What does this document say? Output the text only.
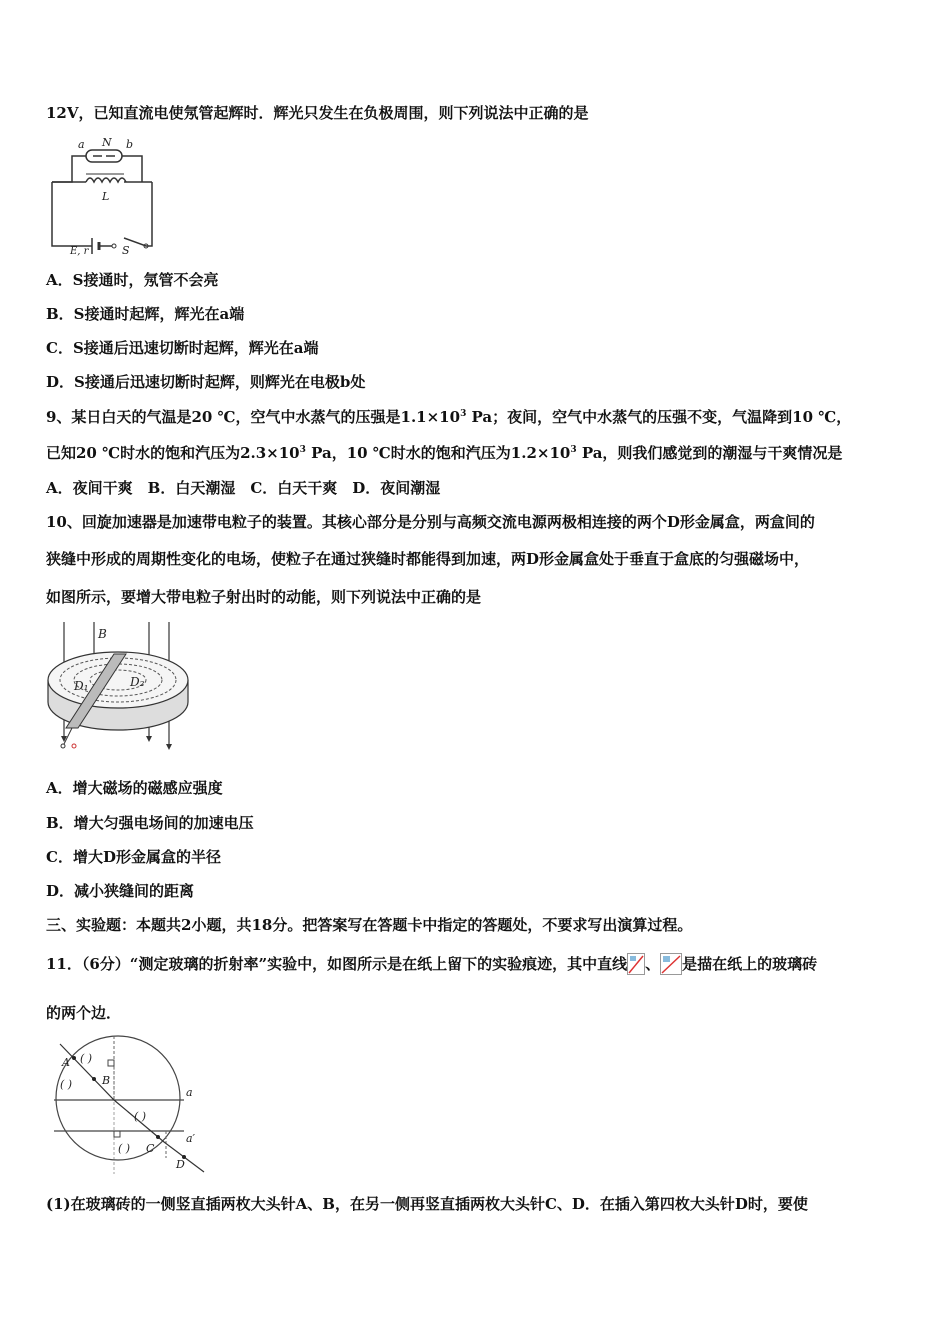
12V，已知直流电使氖管起辉时．辉光只发生在负极周围，则下列说法中正确的是
N
a	b
L
E, r	S
A．S接通时，氖管不会亮
B．S接通时起辉，辉光在a端
C．S接通后迅速切断时起辉，辉光在a端
D．S接通后迅速切断时起辉，则辉光在电极b处
9、某日白天的气温是20 ℃，空气中水蒸气的压强是$1.1\times 10^3$ Pa；夜间，空气中水蒸气的压强不变，气温降到10 ℃，
已知20 ℃时水的饱和汽压为$2.3\times 10^3$ Pa，10 ℃时水的饱和汽压为$1.2\times 10^3$ Pa，则我们感觉到的潮湿与干爽情况是
A．夜间干爽　B．白天潮湿　C．白天干爽　D．夜间潮湿
10、回旋加速器是加速带电粒子的装置。其核心部分是分别与高频交流电源两极相连接的两个D形金属盒，两盒间的
狭缝中形成的周期性变化的电场，使粒子在通过狭缝时都能得到加速，两D形金属盒处于垂直于盒底的匀强磁场中，
如图所示，要增大带电粒子射出时的动能，则下列说法中正确的是
B
D₁	D₂
A．增大磁场的磁感应强度
B．增大匀强电场间的加速电压
C．增大D形金属盒的半径
D．减小狭缝间的距离
三、实验题：本题共2小题，共18分。把答案写在答题卡中指定的答题处，不要求写出演算过程。
11．（6分）“测定玻璃的折射率”实验中，如图所示是在纸上留下的实验痕迹，其中直线 、 是描在纸上的玻璃砖
的两个边．
A
B
C
D
a
a′
( )
( )
( )
( )
(1)在玻璃砖的一侧竖直插两枚大头针A、B，在另一侧再竖直插两枚大头针C、D．在插入第四枚大头针D时，要使
